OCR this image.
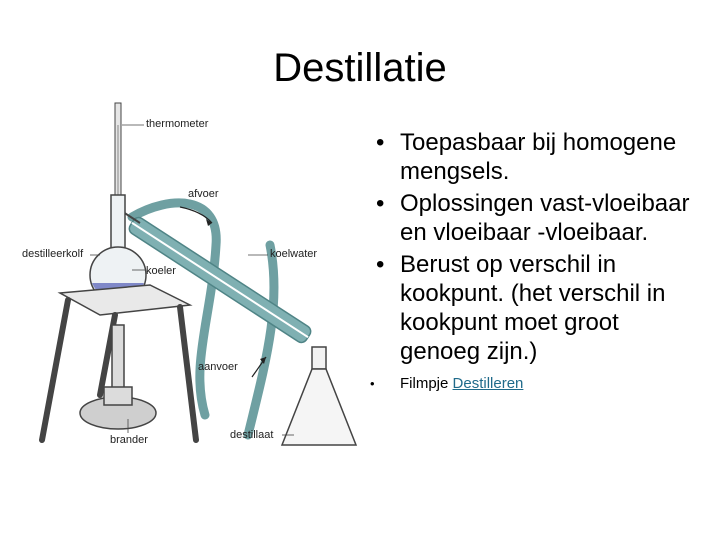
Destillatie
thermometer
afvoer
destilleerkolf	koelwater
koeler
aanvoer
brander	destillaat
• Toepasbaar bij homogene mengsels.
• Oplossingen vast-vloeibaar en vloeibaar -vloeibaar.
• Berust op verschil in kookpunt. (het verschil in kookpunt moet groot genoeg zijn.)
• Filmpje Destilleren
